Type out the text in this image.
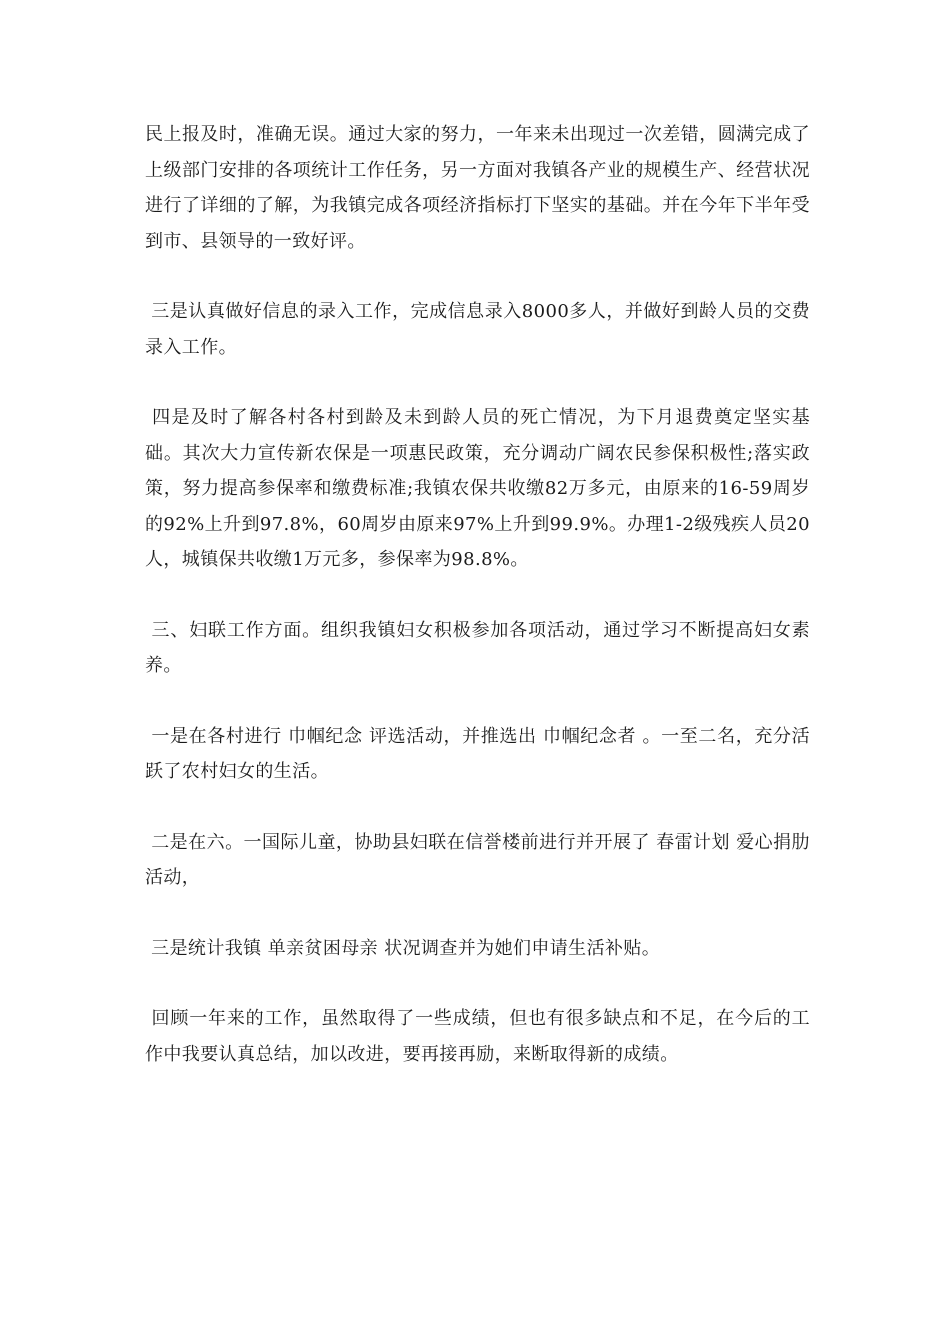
民上报及时，准确无误。通过大家的努力，一年来未出现过一次差错，圆满完成了上级部门安排的各项统计工作任务，另一方面对我镇各产业的规模生产、经营状况进行了详细的了解，为我镇完成各项经济指标打下坚实的基础。并在今年下半年受到市、县领导的一致好评。

三是认真做好信息的录入工作，完成信息录入8000多人，并做好到龄人员的交费录入工作。

四是及时了解各村各村到龄及未到龄人员的死亡情况，为下月退费奠定坚实基础。其次大力宣传新农保是一项惠民政策，充分调动广阔农民参保积极性;落实政策，努力提高参保率和缴费标准;我镇农保共收缴82万多元，由原来的16-59周岁的92%上升到97.8%，60周岁由原来97%上升到99.9%。办理1-2级残疾人员20人，城镇保共收缴1万元多，参保率为98.8%。

三、妇联工作方面。组织我镇妇女积极参加各项活动，通过学习不断提高妇女素养。

一是在各村进行 巾帼纪念 评选活动，并推选出 巾帼纪念者 。一至二名，充分活跃了农村妇女的生活。

二是在六。一国际儿童，协助县妇联在信誉楼前进行并开展了 春雷计划 爱心捐肋活动，

三是统计我镇 单亲贫困母亲 状况调查并为她们申请生活补贴。

回顾一年来的工作，虽然取得了一些成绩，但也有很多缺点和不足，在今后的工作中我要认真总结，加以改进，要再接再励，来断取得新的成绩。
